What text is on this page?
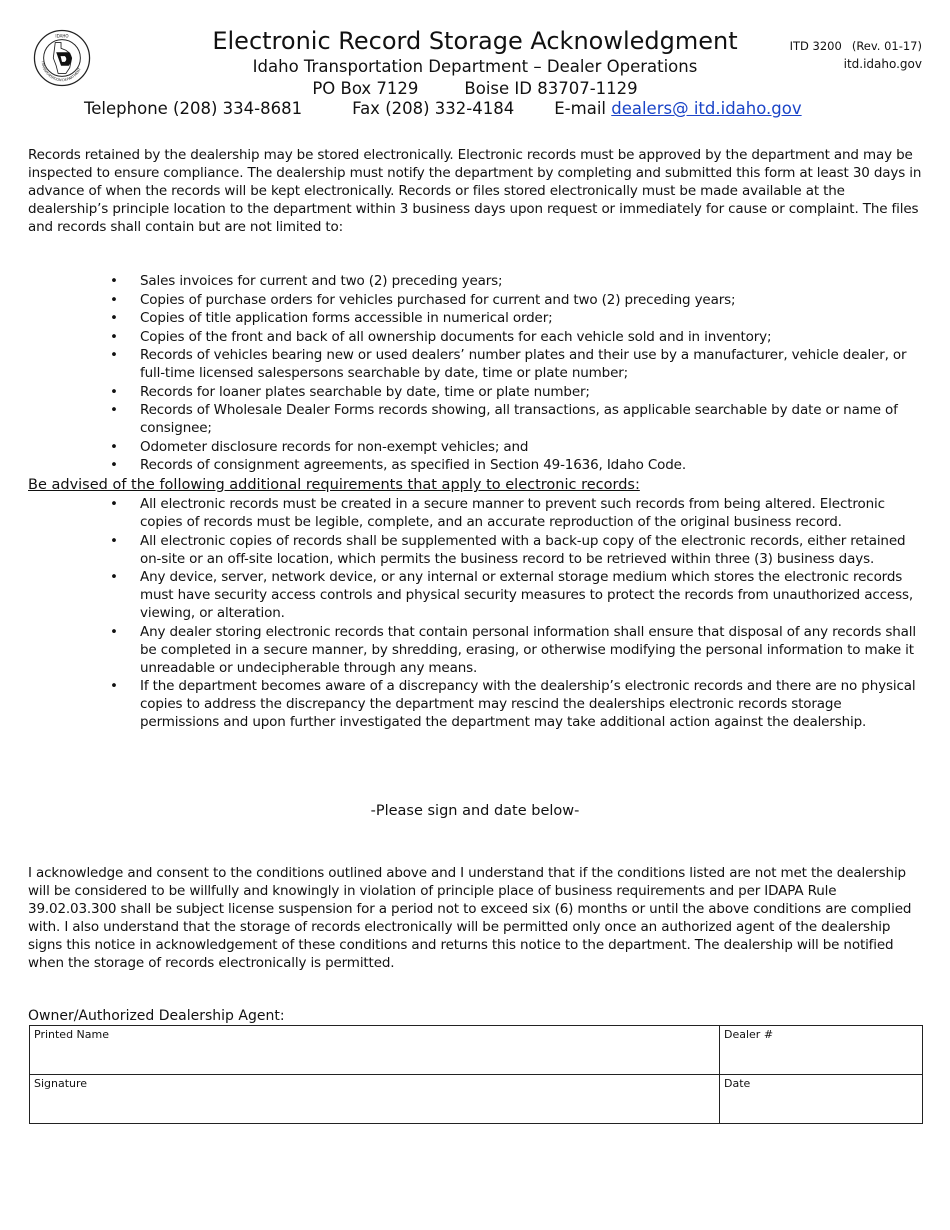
IDAHO
TRANSPORTATION DEPARTMENT
Electronic Record Storage Acknowledgment
Idaho Transportation Department – Dealer Operations
PO Box 7129	Boise ID 83707-1129
Telephone (208) 334-8681	Fax (208) 332-4184 E-mail dealers@ itd.idaho.gov
ITD 3200 (Rev. 01-17)
itd.idaho.gov

Records retained by the dealership may be stored electronically. Electronic records must be approved by the department and may be inspected to ensure compliance. The dealership must notify the department by completing and submitted this form at least 30 days in advance of when the records will be kept electronically. Records or files stored electronically must be made available at the dealership’s principle location to the department within 3 business days upon request or immediately for cause or complaint. The files and records shall contain but are not limited to:

• Sales invoices for current and two (2) preceding years;
• Copies of purchase orders for vehicles purchased for current and two (2) preceding years;
• Copies of title application forms accessible in numerical order;
• Copies of the front and back of all ownership documents for each vehicle sold and in inventory;
• Records of vehicles bearing new or used dealers’ number plates and their use by a manufacturer, vehicle dealer, or full-time licensed salespersons searchable by date, time or plate number;
• Records for loaner plates searchable by date, time or plate number;
• Records of Wholesale Dealer Forms records showing, all transactions, as applicable searchable by date or name of consignee;
• Odometer disclosure records for non-exempt vehicles; and
• Records of consignment agreements, as specified in Section 49-1636, Idaho Code.
Be advised of the following additional requirements that apply to electronic records:
• All electronic records must be created in a secure manner to prevent such records from being altered. Electronic copies of records must be legible, complete, and an accurate reproduction of the original business record.
• All electronic copies of records shall be supplemented with a back-up copy of the electronic records, either retained on-site or an off-site location, which permits the business record to be retrieved within three (3) business days.
• Any device, server, network device, or any internal or external storage medium which stores the electronic records must have security access controls and physical security measures to protect the records from unauthorized access, viewing, or alteration.
• Any dealer storing electronic records that contain personal information shall ensure that disposal of any records shall be completed in a secure manner, by shredding, erasing, or otherwise modifying the personal information to make it unreadable or undecipherable through any means.
• If the department becomes aware of a discrepancy with the dealership’s electronic records and there are no physical copies to address the discrepancy the department may rescind the dealerships electronic records storage permissions and upon further investigated the department may take additional action against the dealership.
-Please sign and date below-

I acknowledge and consent to the conditions outlined above and I understand that if the conditions listed are not met the dealership will be considered to be willfully and knowingly in violation of principle place of business requirements and per IDAPA Rule 39.02.03.300 shall be subject license suspension for a period not to exceed six (6) months or until the above conditions are complied with. I also understand that the storage of records electronically will be permitted only once an authorized agent of the dealership signs this notice in acknowledgement of these conditions and returns this notice to the department. The dealership will be notified when the storage of records electronically is permitted.

Owner/Authorized Dealership Agent:
Printed Name	Dealer #
Signature	Date
